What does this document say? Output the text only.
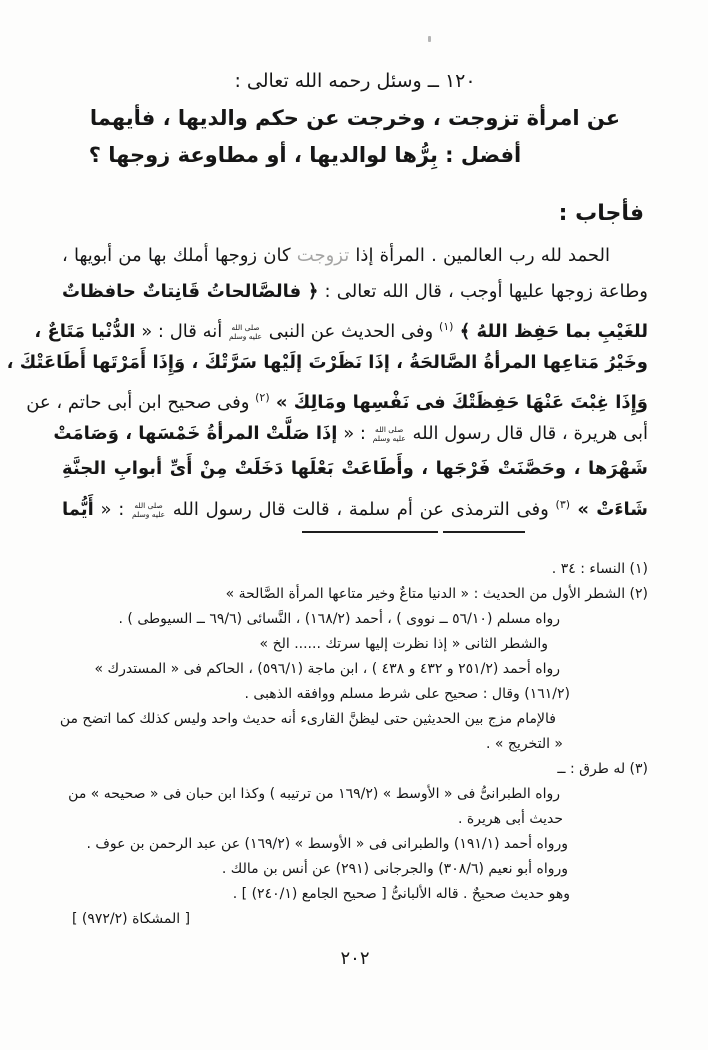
١٢٠ ــ وسئل رحمه الله تعالى :
عن امرأة تزوجت ، وخرجت عن حكم والديها ، فأيهما
أفضل : بِرُّها لوالديها ، أو مطاوعة زوجها ؟
فأجاب :
الحمد لله رب العالمين . المرأة إذا تزوجت كان زوجها أملك بها من أبويها ،
وطاعة زوجها عليها أوجب ، قال الله تعالى : ﴿ فالصَّالحاتُ قَانِتاتٌ حافظاتٌ
للغَيْبِ بما حَفِظ اللهُ ﴾ $^{(١)}$ وفى الحديث عن النبى
صلى الله
عليه وسلم
أنه قال : « الدُّنْيا مَتَاعٌ ،
وخَيْرُ مَتاعِها المرأةُ الصَّالحَةُ ، إذَا نَظَرْتَ إلَيْها سَرَّتْكَ ، وَإِذَا أَمَرْتَها أَطَاعَتْكَ ،
وَإِذَا غِبْتَ عَنْهَا حَفِظَتْكَ فى نَفْسِها ومَالِكَ » $^{(٢)}$ وفى صحيح ابن أبى حاتم ، عن
أبى هريرة ، قال قال رسول الله
صلى الله
عليه وسلم
: « إذَا صَلَّتْ المرأةُ خَمْسَها ، وَصَامَتْ
شَهْرَها ، وحَصَّنَتْ فَرْجَها ، وأَطَاعَتْ بَعْلَها دَخَلَتْ مِنْ أَىِّ أبوابِ الجنَّةِ
شَاءَتْ » $^{(٣)}$ وفى الترمذى عن أم سلمة ، قالت قال رسول الله
صلى الله
عليه وسلم
: « أَيُّما
(١) النساء : ٣٤ .
(٢) الشطر الأول من الحديث : « الدنيا متاعٌ وخير متاعها المرأة الصَّالحة »
رواه مسلم (٥٦/١٠ ــ نووى ) ، أحمد (١٦٨/٢) ، النَّسائى (٦٩/٦ ــ السيوطى ) .
والشطر الثانى « إذا نظرت إليها سرتك ...... الخ »
رواه أحمد (٢٥١/٢ و ٤٣٢ و ٤٣٨ ) ، ابن ماجة (٥٩٦/١) ، الحاكم فى « المستدرك »
(١٦١/٢) وقال : صحيح على شرط مسلم ووافقه الذهبى .
فالإمام مزج بين الحديثين حتى ليظنَّ القارىء أنه حديث واحد وليس كذلك كما اتضح من
« التخريج » .
(٣) له طرق : ــ
رواه الطبرانىُّ فى « الأوسط » (١٦٩/٢ من ترتيبه ) وكذا ابن حبان فى « صحيحه » من
حديث أبى هريرة .
ورواه أحمد (١٩١/١) والطبرانى فى « الأوسط » (١٦٩/٢) عن عبد الرحمن بن عوف .
ورواه أبو نعيم (٣٠٨/٦) والجرجانى (٢٩١) عن أنس بن مالك .
وهو حديث صحيحٌ . قاله الألبانىُّ [ صحيح الجامع (٢٤٠/١) ] .
[ المشكاة (٩٧٢/٢) ]
٢٠٢
